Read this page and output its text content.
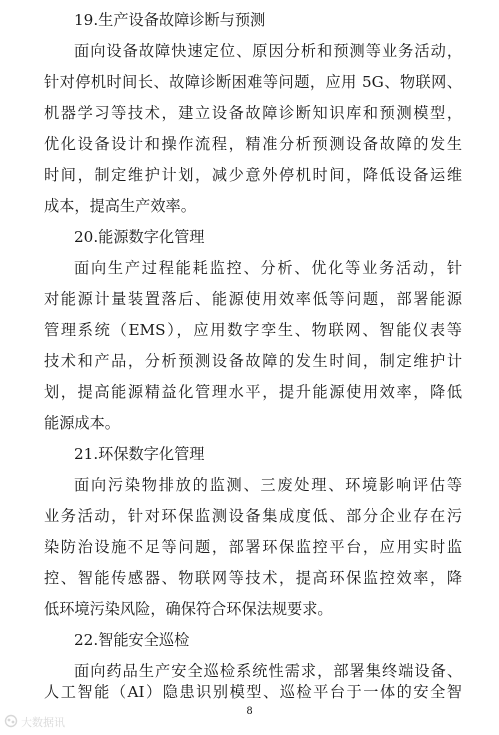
19.生产设备故障诊断与预测
面向设备故障快速定位、原因分析和预测等业务活动，
针对停机时间长、故障诊断困难等问题，应用 5G、物联网、
机器学习等技术，建立设备故障诊断知识库和预测模型，
优化设备设计和操作流程，精准分析预测设备故障的发生
时间，制定维护计划，减少意外停机时间，降低设备运维
成本，提高生产效率。
20.能源数字化管理
面向生产过程能耗监控、分析、优化等业务活动，针
对能源计量装置落后、能源使用效率低等问题，部署能源
管理系统（EMS），应用数字孪生、物联网、智能仪表等
技术和产品，分析预测设备故障的发生时间，制定维护计
划，提高能源精益化管理水平，提升能源使用效率，降低
能源成本。
21.环保数字化管理
面向污染物排放的监测、三废处理、环境影响评估等
业务活动，针对环保监测设备集成度低、部分企业存在污
染防治设施不足等问题，部署环保监控平台，应用实时监
控、智能传感器、物联网等技术，提高环保监控效率，降
低环境污染风险，确保符合环保法规要求。
22.智能安全巡检
面向药品生产安全巡检系统性需求，部署集终端设备、
人工智能（AI）隐患识别模型、巡检平台于一体的安全智
8
大数据讯
